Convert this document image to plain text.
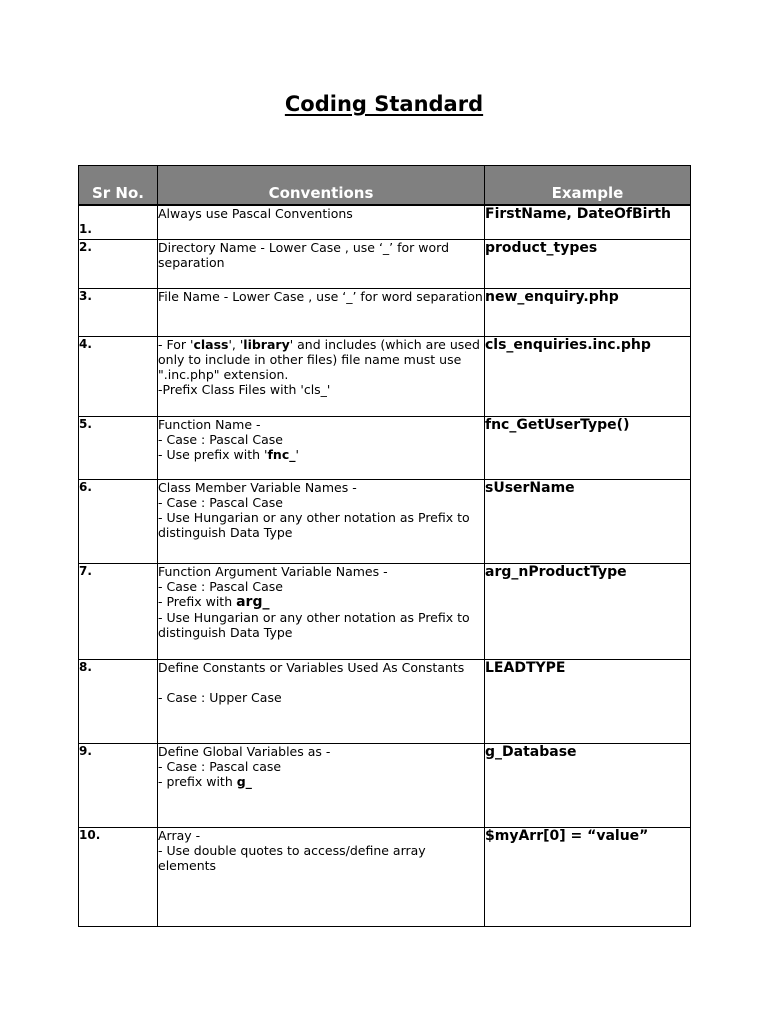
Coding Standard
Sr No.	Conventions	Example

1.	Always use Pascal Conventions	FirstName, DateOfBirth
2.	Directory Name - Lower Case , use ‘_’ for word separation	product_types
3.	File Name - Lower Case , use ‘_’ for word separation	new_enquiry.php
4.	- For 'class', 'library' and includes (which are used only to include in other files) file name must use ".inc.php" extension.
-Prefix Class Files with 'cls_'	cls_enquiries.inc.php
5.	Function Name -
- Case : Pascal Case
- Use prefix with 'fnc_'	fnc_GetUserType()
6.	Class Member Variable Names -
- Case : Pascal Case
- Use Hungarian or any other notation as Prefix to distinguish Data Type	sUserName
7.	Function Argument Variable Names -
- Case : Pascal Case
- Prefix with arg_
- Use Hungarian or any other notation as Prefix to distinguish Data Type	arg_nProductType
8.	Define Constants or Variables Used As Constants
- Case : Upper Case	LEADTYPE
9.	Define Global Variables as -
- Case : Pascal case
- prefix with g_	g_Database
10.	Array -
- Use double quotes to access/define array elements	$myArr[0] = “value”
